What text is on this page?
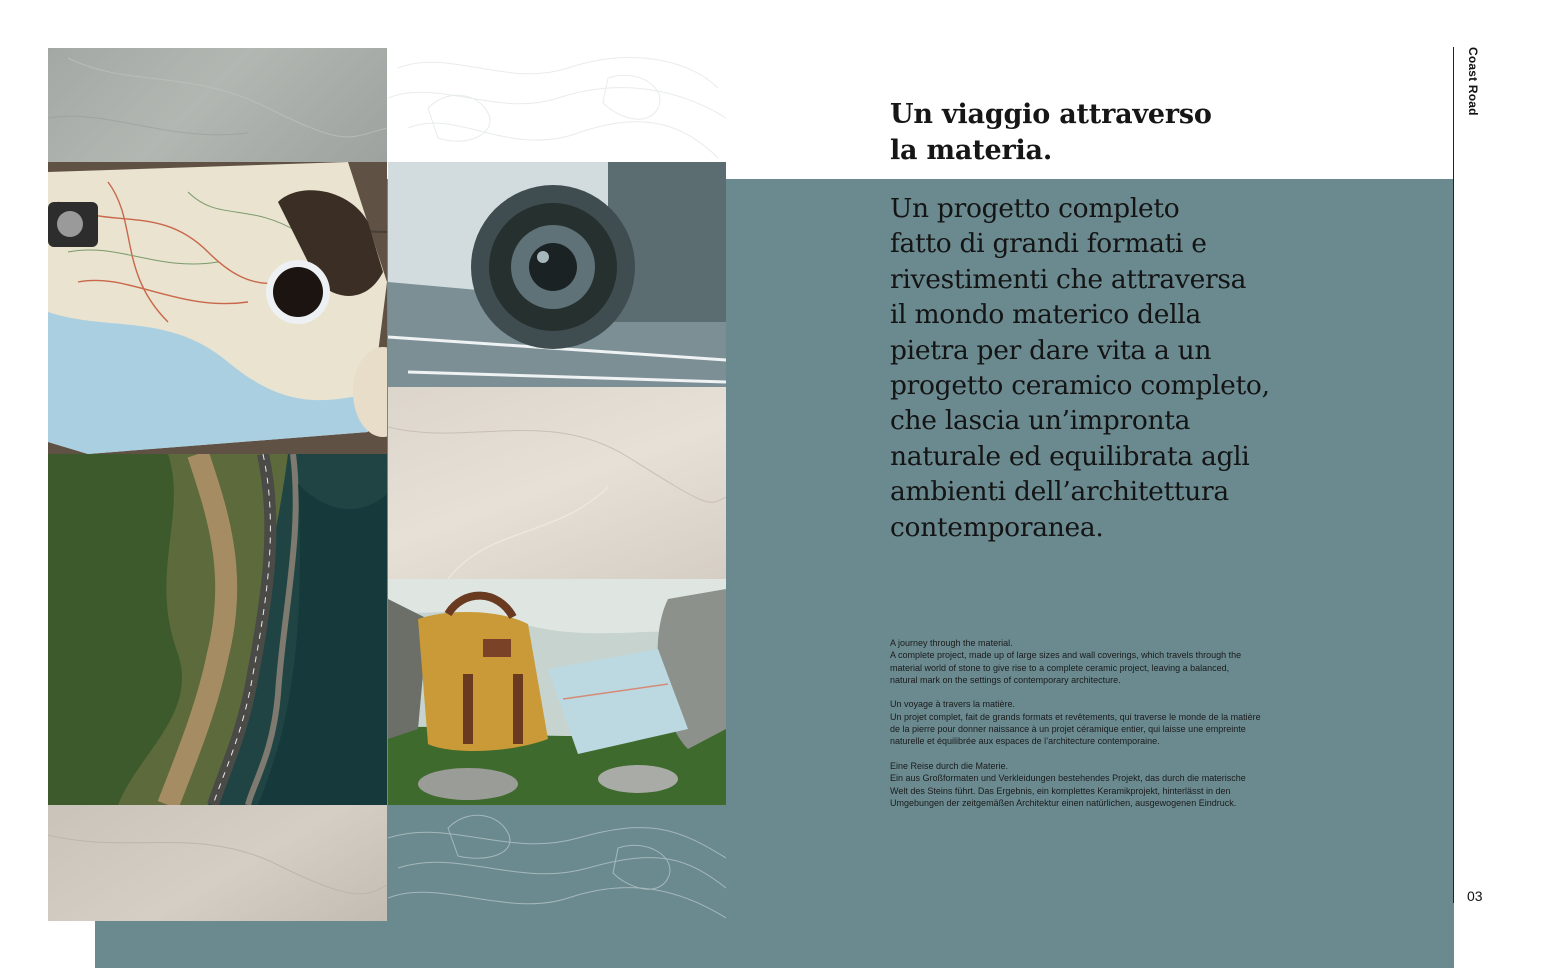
Un viaggio attraverso
la materia.

Un progetto completo
fatto di grandi formati e
rivestimenti che attraversa
il mondo materico della
pietra per dare vita a un
progetto ceramico completo,
che lascia un’impronta
naturale ed equilibrata agli
ambienti dell’architettura
contemporanea.

A journey through the material.
A complete project, made up of large sizes and wall coverings, which travels through the
material world of stone to give rise to a complete ceramic project, leaving a balanced,
natural mark on the settings of contemporary architecture.
Un voyage à travers la matière.
Un projet complet, fait de grands formats et revêtements, qui traverse le monde de la matière
de la pierre pour donner naissance à un projet céramique entier, qui laisse une empreinte
naturelle et équilibrée aux espaces de l’architecture contemporaine.
Eine Reise durch die Materie.
Ein aus Großformaten und Verkleidungen bestehendes Projekt, das durch die materische
Welt des Steins führt. Das Ergebnis, ein komplettes Keramikprojekt, hinterlässt in den
Umgebungen der zeitgemäßen Architektur einen natürlichen, ausgewogenen Eindruck.
Coast Road
03
